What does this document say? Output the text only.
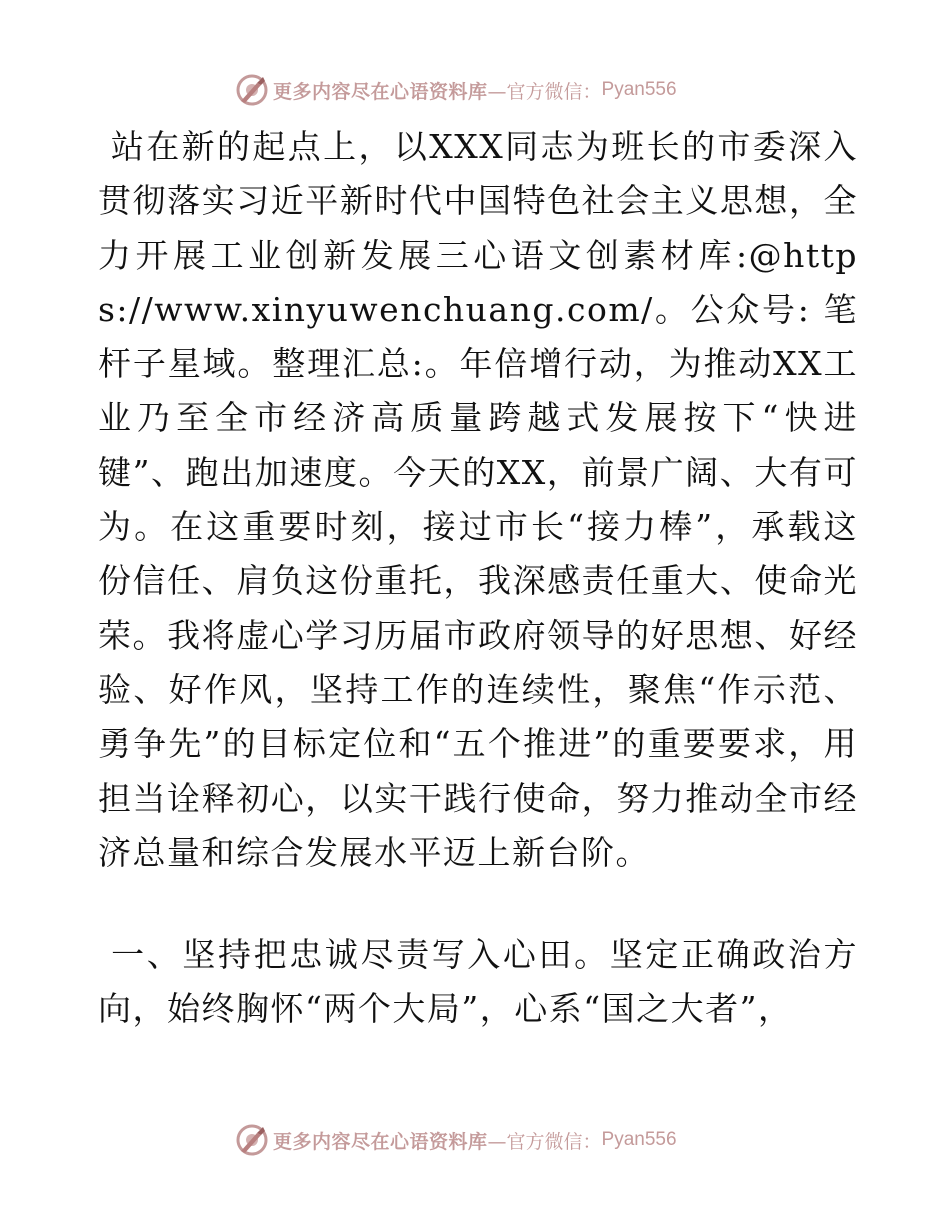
更多内容尽在心语资料库 —官方微信： Pyan556

站在新的起点上，以XXX同志为班长的市委深入贯彻落实习近平新时代中国特色社会主义思想，全力开展工业创新发展三心语文创素材库:@https://www.xinyuwenchuang.com/。公众号: 笔杆子星域。整理汇总:。年倍增行动，为推动XX工业乃至全市经济高质量跨越式发展按下“快进键”、跑出加速度。今天的XX，前景广阔、大有可为。在这重要时刻，接过市长“接力棒”，承载这份信任、肩负这份重托，我深感责任重大、使命光荣。我将虚心学习历届市政府领导的好思想、好经验、好作风，坚持工作的连续性，聚焦“作示范、勇争先”的目标定位和“五个推进”的重要要求，用担当诠释初心，以实干践行使命，努力推动全市经济总量和综合发展水平迈上新台阶。

一、坚持把忠诚尽责写入心田。坚定正确政治方向，始终胸怀“两个大局”，心系“国之大者”，

更多内容尽在心语资料库 —官方微信： Pyan556
